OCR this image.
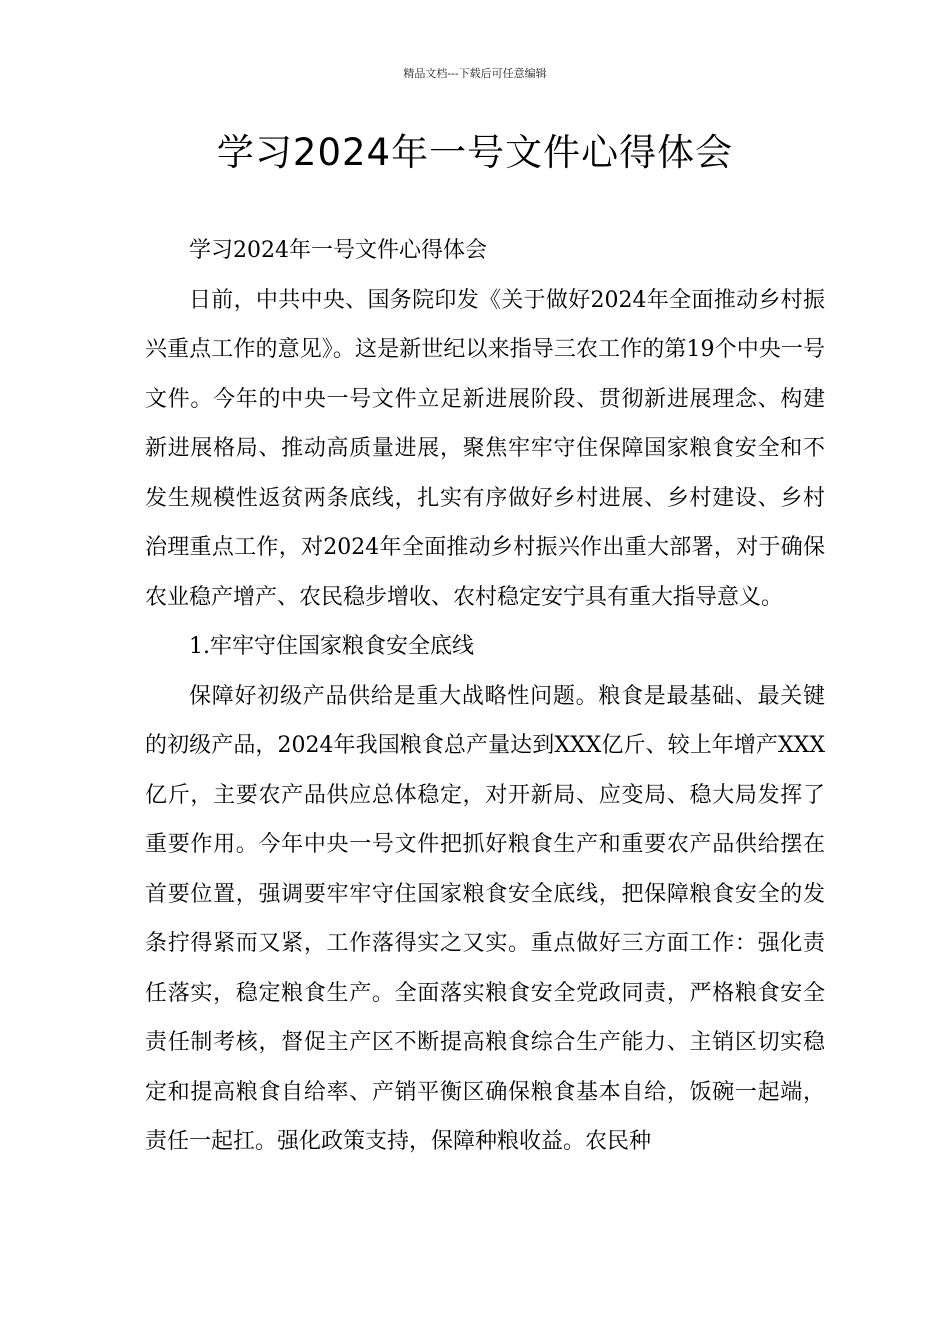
精品文档---下载后可任意编辑
学习2024年一号文件心得体会

学习2024年一号文件心得体会

日前，中共中央、国务院印发《关于做好2024年全面推动乡村振兴重点工作的意见》。这是新世纪以来指导三农工作的第19个中央一号文件。今年的中央一号文件立足新进展阶段、贯彻新进展理念、构建新进展格局、推动高质量进展，聚焦牢牢守住保障国家粮食安全和不发生规模性返贫两条底线，扎实有序做好乡村进展、乡村建设、乡村治理重点工作，对2024年全面推动乡村振兴作出重大部署，对于确保农业稳产增产、农民稳步增收、农村稳定安宁具有重大指导意义。

1.牢牢守住国家粮食安全底线

保障好初级产品供给是重大战略性问题。粮食是最基础、最关键的初级产品，2024年我国粮食总产量达到XXX亿斤、较上年增产XXX亿斤，主要农产品供应总体稳定，对开新局、应变局、稳大局发挥了重要作用。今年中央一号文件把抓好粮食生产和重要农产品供给摆在首要位置，强调要牢牢守住国家粮食安全底线，把保障粮食安全的发条拧得紧而又紧，工作落得实之又实。重点做好三方面工作：强化责任落实，稳定粮食生产。全面落实粮食安全党政同责，严格粮食安全责任制考核，督促主产区不断提高粮食综合生产能力、主销区切实稳定和提高粮食自给率、产销平衡区确保粮食基本自给，饭碗一起端，责任一起扛。强化政策支持，保障种粮收益。农民种
